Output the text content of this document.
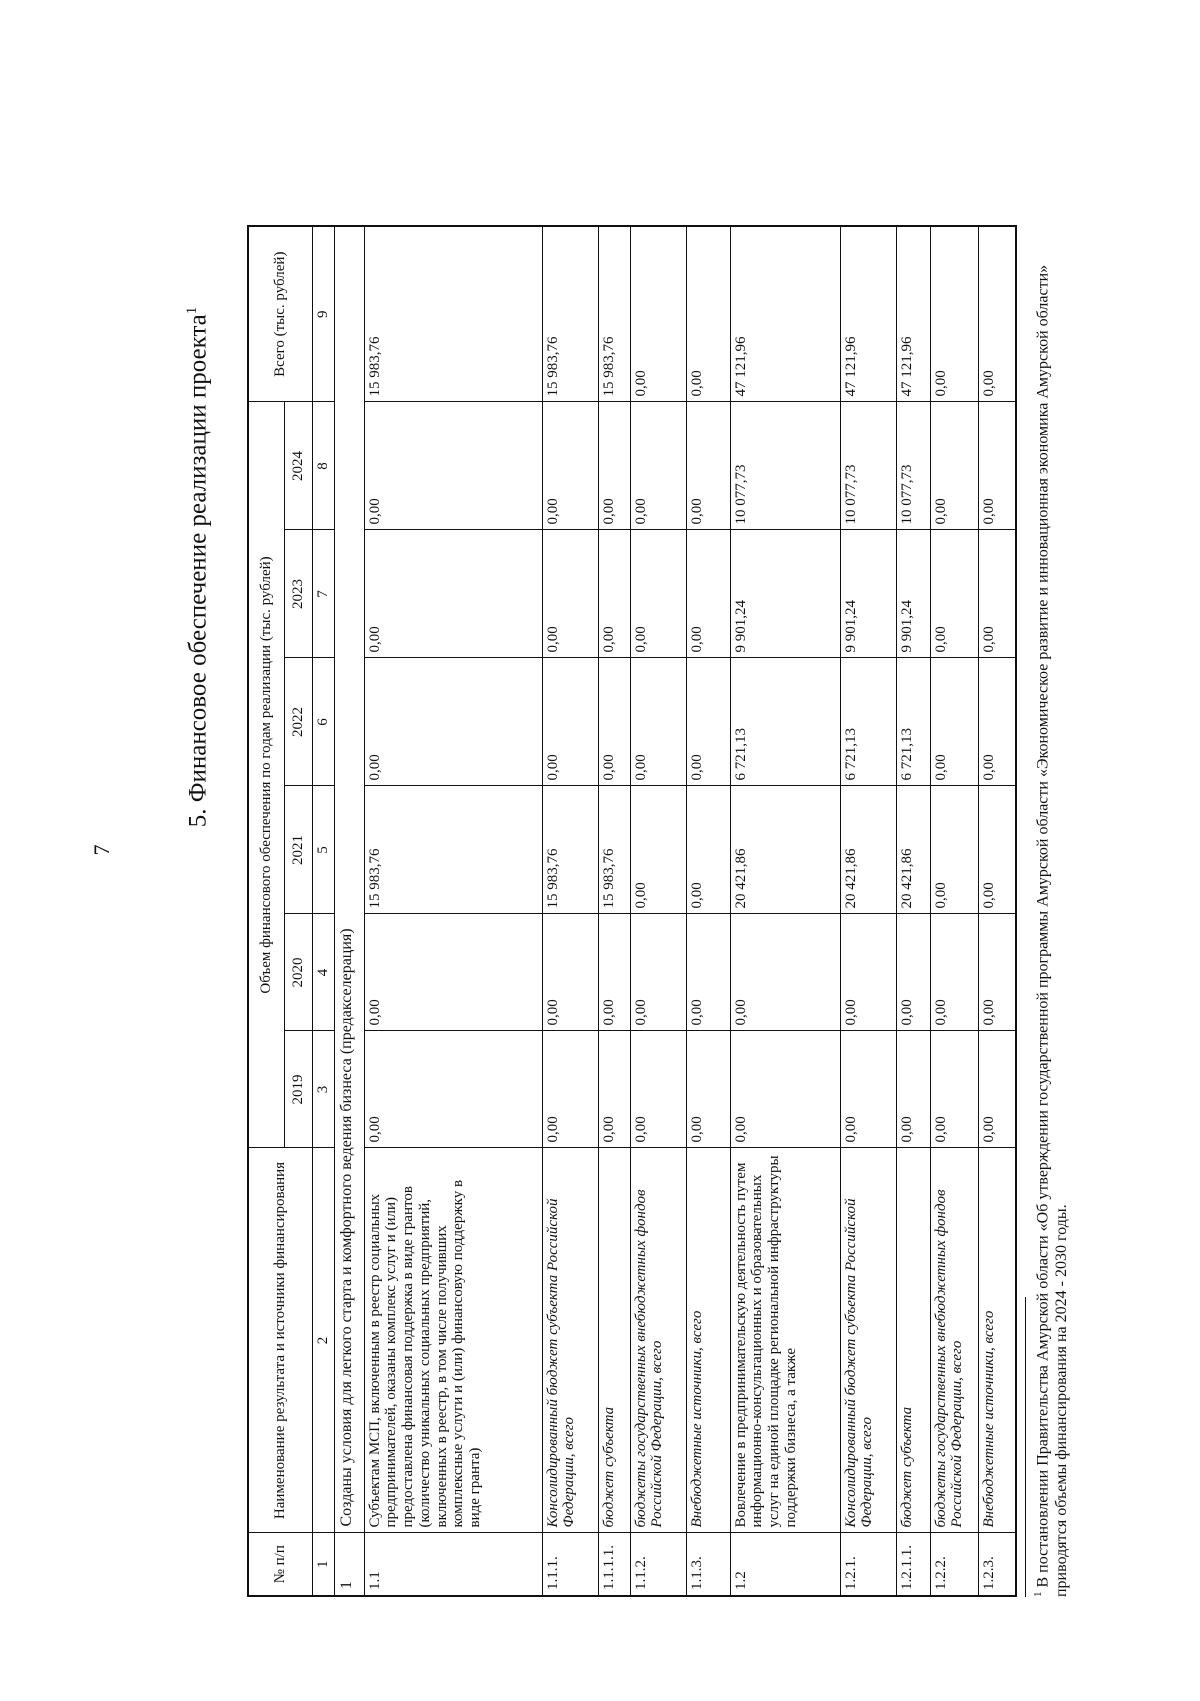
7
5. Финансовое обеспечение реализации проекта$^1$
№ п/п	Наименование результата и источники финансирования	Объем финансового обеспечения по годам реализации (тыс. рублей)						Всего (тыс. рублей)
		2019	2020	2021	2022	2023	2024	
1	2	3	4	5	6	7	8	9
1	Созданы условия для легкого старта и комфортного ведения бизнеса (предакселерация)							
1.1	Субъектам МСП, включенным в реестр социальных предпринимателей, оказаны комплекс услуг и (или) предоставлена финансовая поддержка в виде грантов (количество уникальных социальных предприятий, включенных в реестр, в том числе получивших комплексные услуги и (или) финансовую поддержку в виде гранта)	0,00	0,00	15 983,76	0,00	0,00	0,00	15 983,76
1.1.1.	Консолидированный бюджет субъекта Российской Федерации, всего	0,00	0,00	15 983,76	0,00	0,00	0,00	15 983,76
1.1.1.1.	бюджет субъекта	0,00	0,00	15 983,76	0,00	0,00	0,00	15 983,76
1.1.2.	бюджеты государственных внебюджетных фондов Российской Федерации, всего	0,00	0,00	0,00	0,00	0,00	0,00	0,00
1.1.3.	Внебюджетные источники, всего	0,00	0,00	0,00	0,00	0,00	0,00	0,00
1.2	Вовлечение в предпринимательскую деятельность путем информационно-консультационных и образовательных услуг на единой площадке региональной инфраструктуры поддержки бизнеса, а также	0,00	0,00	20 421,86	6 721,13	9 901,24	10 077,73	47 121,96
1.2.1.	Консолидированный бюджет субъекта Российской Федерации, всего	0,00	0,00	20 421,86	6 721,13	9 901,24	10 077,73	47 121,96
1.2.1.1.	бюджет субъекта	0,00	0,00	20 421,86	6 721,13	9 901,24	10 077,73	47 121,96
1.2.2.	бюджеты государственных внебюджетных фондов Российской Федерации, всего	0,00	0,00	0,00	0,00	0,00	0,00	0,00
1.2.3.	Внебюджетные источники, всего	0,00	0,00	0,00	0,00	0,00	0,00	0,00
$^1$ В постановлении Правительства Амурской области «Об утверждении государственной программы Амурской области «Экономическое развитие и инновационная экономика Амурской области» приводятся объемы финансирования на 2024 - 2030 годы.
